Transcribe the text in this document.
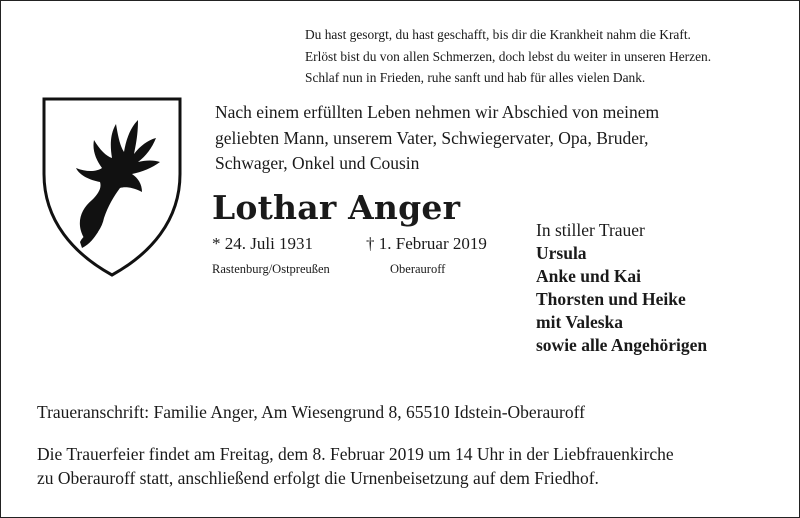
Du hast gesorgt, du hast geschafft, bis dir die Krankheit nahm die Kraft.
Erlöst bist du von allen Schmerzen, doch lebst du weiter in unseren Herzen.
Schlaf nun in Frieden, ruhe sanft und hab für alles vielen Dank.
Nach einem erfüllten Leben nehmen wir Abschied von meinem
geliebten Mann, unserem Vater, Schwiegervater, Opa, Bruder,
Schwager, Onkel und Cousin
Lothar Anger
* 24. Juli 1931	† 1. Februar 2019
Rastenburg/Ostpreußen	Oberauroff
In stiller Trauer
Ursula
Anke und Kai
Thorsten und Heike
mit Valeska
sowie alle Angehörigen
Traueranschrift: Familie Anger, Am Wiesengrund 8, 65510 Idstein-Oberauroff
Die Trauerfeier findet am Freitag, dem 8. Februar 2019 um 14 Uhr in der Liebfrauenkirche
zu Oberauroff statt, anschließend erfolgt die Urnenbeisetzung auf dem Friedhof.
